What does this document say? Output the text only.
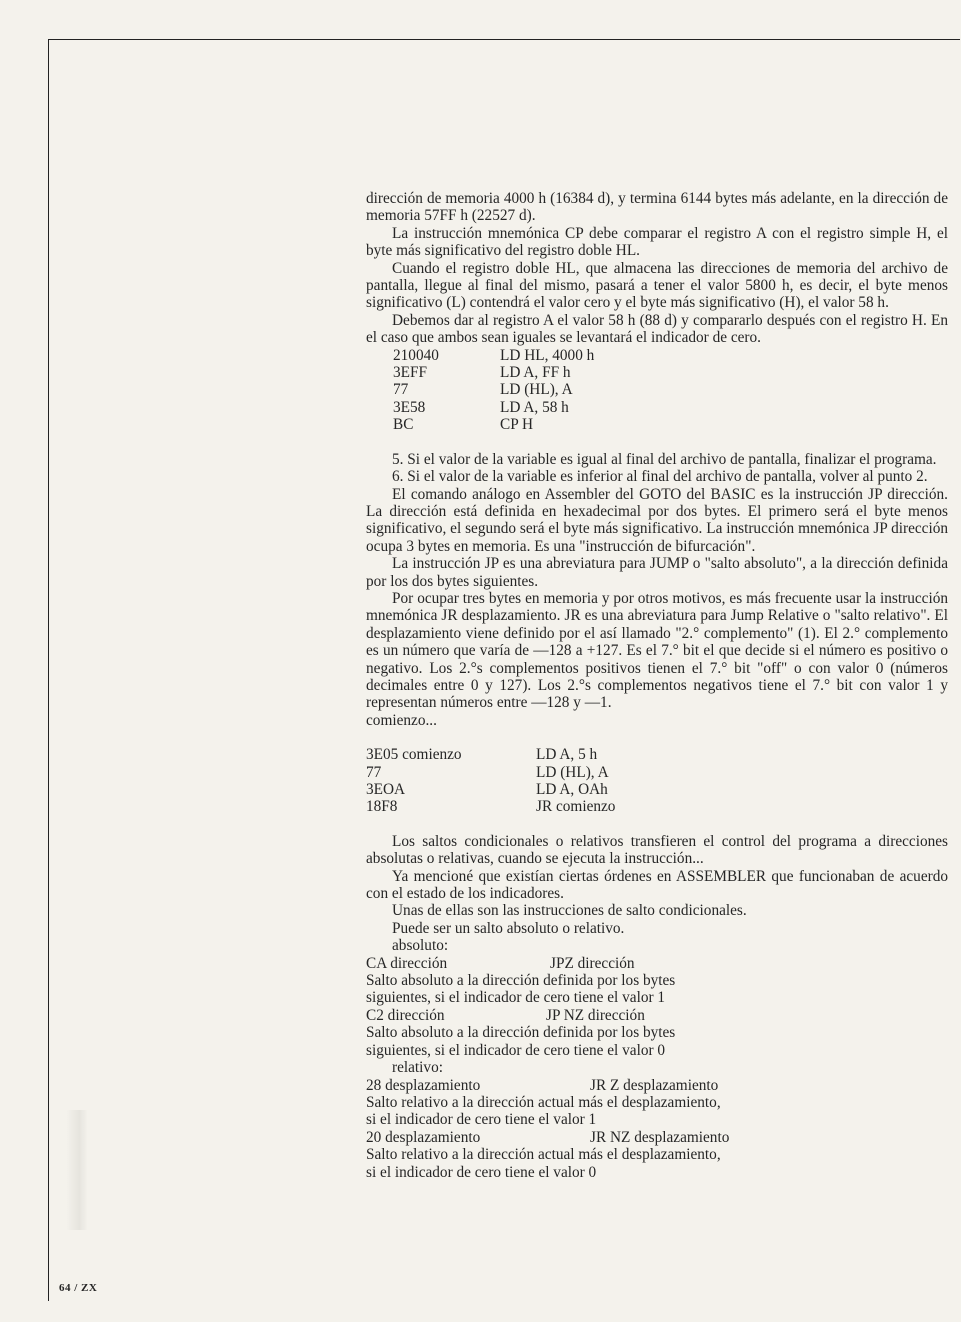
dirección de memoria 4000 h (16384 d), y termina 6144 bytes más adelante, en la dirección de memoria 57FF h (22527 d).

La instrucción mnemónica CP debe comparar el registro A con el registro simple H, el byte más significativo del registro doble HL.

Cuando el registro doble HL, que almacena las direcciones de memoria del archivo de pantalla, llegue al final del mismo, pasará a tener el valor 5800 h, es decir, el byte menos significativo (L) contendrá el valor cero y el byte más significativo (H), el valor 58 h.

Debemos dar al registro A el valor 58 h (88 d) y compararlo después con el registro H. En el caso que ambos sean iguales se levantará el indicador de cero.

210040	LD HL, 4000 h
3EFF	LD A, FF h
77	LD (HL), A
3E58	LD A, 58 h
BC	CP H

5. Si el valor de la variable es igual al final del archivo de pantalla, finalizar el programa.

6. Si el valor de la variable es inferior al final del archivo de pantalla, volver al punto 2.

El comando análogo en Assembler del GOTO del BASIC es la instrucción JP dirección. La dirección está definida en hexadecimal por dos bytes. El primero será el byte menos significativo, el segundo será el byte más significativo. La instrucción mnemónica JP dirección ocupa 3 bytes en memoria. Es una "instrucción de bifurcación".

La instrucción JP es una abreviatura para JUMP o "salto absoluto", a la dirección definida por los dos bytes siguientes.

Por ocupar tres bytes en memoria y por otros motivos, es más frecuente usar la instrucción mnemónica JR desplazamiento. JR es una abreviatura para Jump Relative o "salto relativo". El desplazamiento viene definido por el así llamado "2.° complemento" (1). El 2.° complemento es un número que varía de —128 a +127. Es el 7.° bit el que decide si el número es positivo o negativo. Los 2.°s complementos positivos tienen el 7.° bit "off" o con valor 0 (números decimales entre 0 y 127). Los 2.°s complementos negativos tiene el 7.° bit con valor 1 y representan números entre —128 y —1.

comienzo...

3E05 comienzo	LD A, 5 h
77	LD (HL), A
3EOA	LD A, OAh
18F8	JR comienzo

Los saltos condicionales o relativos transfieren el control del programa a direcciones absolutas o relativas, cuando se ejecuta la instrucción...

Ya mencioné que existían ciertas órdenes en ASSEMBLER que funcionaban de acuerdo con el estado de los indicadores.

Unas de ellas son las instrucciones de salto condicionales.

Puede ser un salto absoluto o relativo.

absoluto:

CA dirección	JPZ dirección

Salto absoluto a la dirección definida por los bytes

siguientes, si el indicador de cero tiene el valor 1

C2 dirección	JP NZ dirección

Salto absoluto a la dirección definida por los bytes

siguientes, si el indicador de cero tiene el valor 0

relativo:

28 desplazamiento	JR Z desplazamiento

Salto relativo a la dirección actual más el desplazamiento,

si el indicador de cero tiene el valor 1

20 desplazamiento	JR NZ desplazamiento

Salto relativo a la dirección actual más el desplazamiento,

si el indicador de cero tiene el valor 0

64 / ZX
